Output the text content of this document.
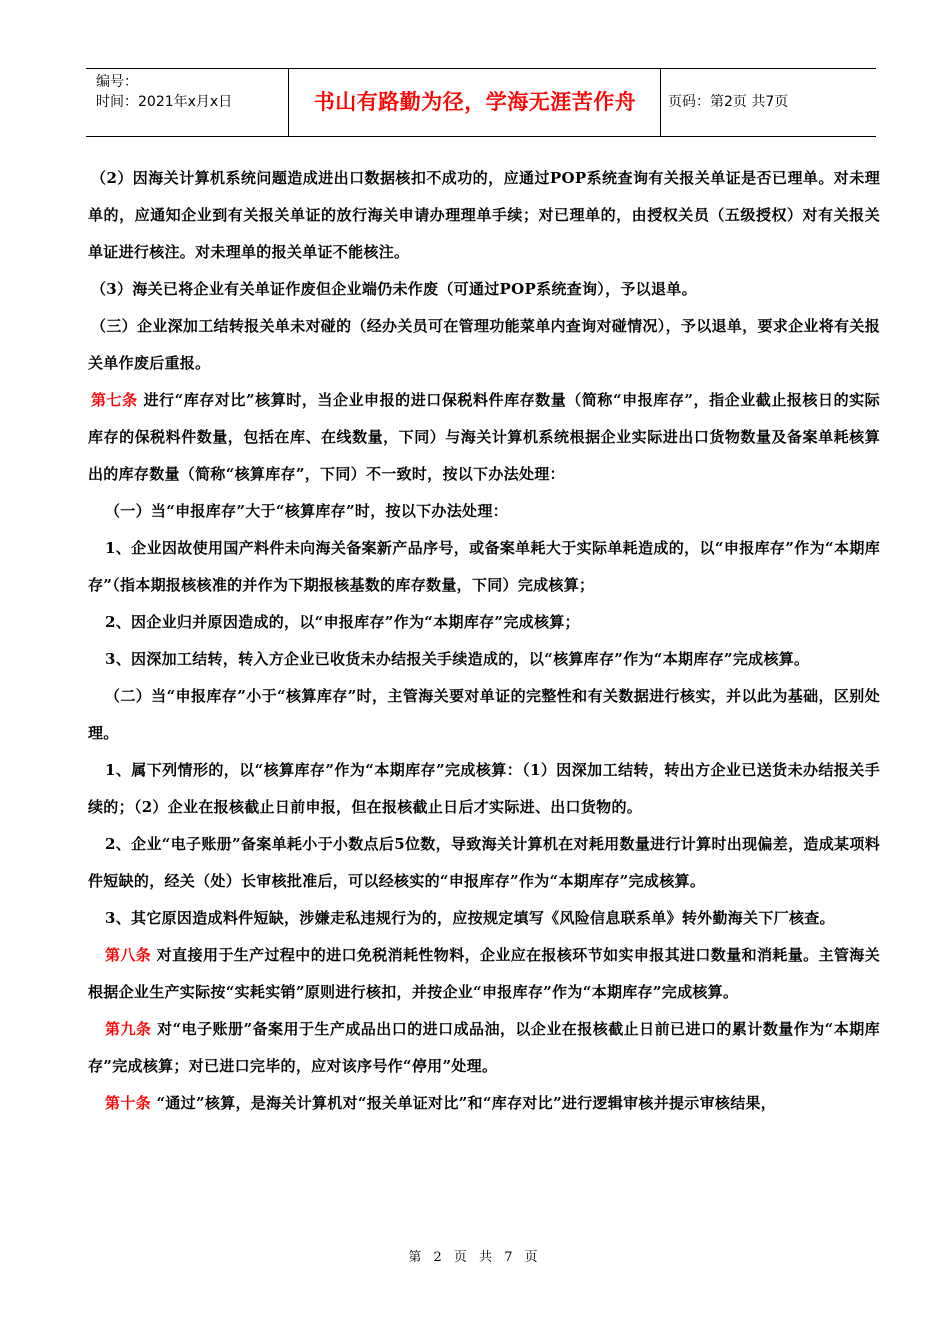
编号：
时间：2021年x月x日	书山有路勤为径，学海无涯苦作舟	页码：第2页 共7页

（2）因海关计算机系统问题造成进出口数据核扣不成功的，应通过POP系统查询有关报关单证是否已理单。对未理单的，应通知企业到有关报关单证的放行海关申请办理理单手续；对已理单的，由授权关员（五级授权）对有关报关单证进行核注。对未理单的报关单证不能核注。

（3）海关已将企业有关单证作废但企业端仍未作废（可通过POP系统查询），予以退单。

（三）企业深加工结转报关单未对碰的（经办关员可在管理功能菜单内查询对碰情况），予以退单，要求企业将有关报关单作废后重报。

第七条 进行“库存对比”核算时，当企业申报的进口保税料件库存数量（简称“申报库存”，指企业截止报核日的实际库存的保税料件数量，包括在库、在线数量，下同）与海关计算机系统根据企业实际进出口货物数量及备案单耗核算出的库存数量（简称“核算库存”，下同）不一致时，按以下办法处理：

（一）当“申报库存”大于“核算库存”时，按以下办法处理：

1、企业因故使用国产料件未向海关备案新产品序号，或备案单耗大于实际单耗造成的，以“申报库存”作为“本期库存”（指本期报核核准的并作为下期报核基数的库存数量，下同）完成核算；

2、因企业归并原因造成的，以“申报库存”作为“本期库存”完成核算；

3、因深加工结转，转入方企业已收货未办结报关手续造成的，以“核算库存”作为“本期库存”完成核算。

（二）当“申报库存”小于“核算库存”时，主管海关要对单证的完整性和有关数据进行核实，并以此为基础，区别处理。

1、属下列情形的，以“核算库存”作为“本期库存”完成核算：（1）因深加工结转，转出方企业已送货未办结报关手续的；（2）企业在报核截止日前申报，但在报核截止日后才实际进、出口货物的。

2、企业“电子账册”备案单耗小于小数点后5位数，导致海关计算机在对耗用数量进行计算时出现偏差，造成某项料件短缺的，经关（处）长审核批准后，可以经核实的“申报库存”作为“本期库存”完成核算。

3、其它原因造成料件短缺，涉嫌走私违规行为的，应按规定填写《风险信息联系单》转外勤海关下厂核查。

第八条 对直接用于生产过程中的进口免税消耗性物料，企业应在报核环节如实申报其进口数量和消耗量。主管海关根据企业生产实际按“实耗实销”原则进行核扣，并按企业“申报库存”作为“本期库存”完成核算。

第九条 对“电子账册”备案用于生产成品出口的进口成品油，以企业在报核截止日前已进口的累计数量作为“本期库存”完成核算；对已进口完毕的，应对该序号作“停用”处理。

第十条 “通过”核算，是海关计算机对“报关单证对比”和“库存对比”进行逻辑审核并提示审核结果，

第 2 页 共 7 页
